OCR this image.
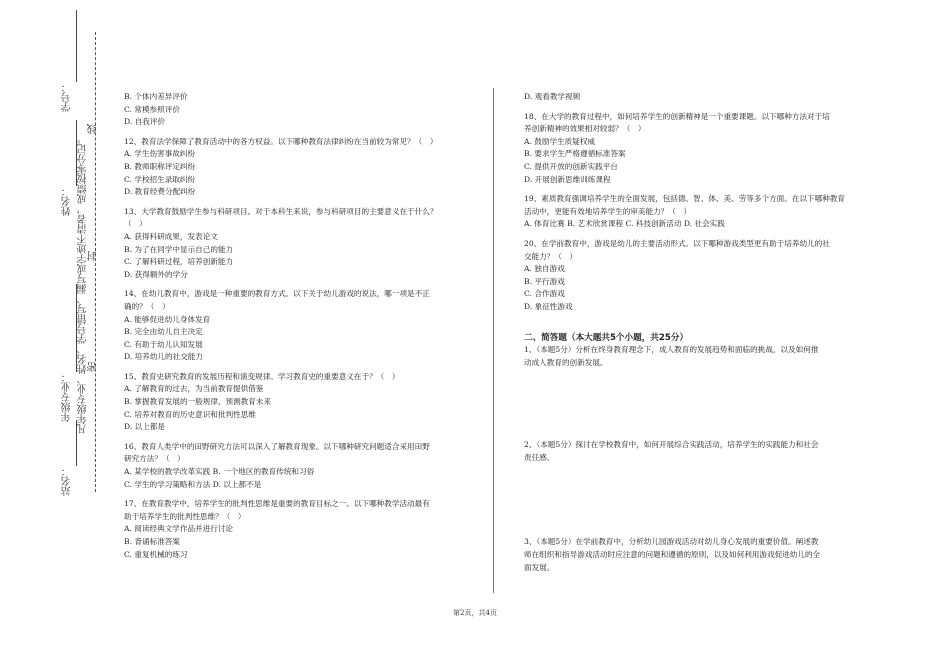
学号：
凡年级专业、姓名、学号错写、漏写或字迹不清者，成绩按零分记。
姓名：
年级专业：
站名：
密
封
线
B. 个体内差异评价
C. 常模参照评价
D. 自我评价
12、教育法学保障了教育活动中的各方权益。以下哪种教育法律纠纷在当前较为常见？（　）
A. 学生伤害事故纠纷
B. 教师职称评定纠纷
C. 学校招生录取纠纷
D. 教育经费分配纠纷
13、大学教育鼓励学生参与科研项目。对于本科生来说，参与科研项目的主要意义在于什么？
（　）
A. 获得科研成果，发表论文
B. 为了在同学中显示自己的能力
C. 了解科研过程，培养创新能力
D. 获得额外的学分
14、在幼儿教育中，游戏是一种重要的教育方式。以下关于幼儿游戏的说法，哪一项是不正
确的？（　）
A. 能够促进幼儿身体发育
B. 完全由幼儿自主决定
C. 有助于幼儿认知发展
D. 培养幼儿的社交能力
15、教育史研究教育的发展历程和演变规律。学习教育史的重要意义在于？（　）
A. 了解教育的过去，为当前教育提供借鉴
B. 掌握教育发展的一般规律，预测教育未来
C. 培养对教育的历史意识和批判性思维
D. 以上都是
16、教育人类学中的田野研究方法可以深入了解教育现象。以下哪种研究问题适合采用田野
研究方法？（　）
A. 某学校的教学改革实践 B. 一个地区的教育传统和习俗
C. 学生的学习策略和方法 D. 以上都不是
17、在教育教学中，培养学生的批判性思维是重要的教育目标之一。以下哪种教学活动最有
助于培养学生的批判性思维？（　）
A. 阅读经典文学作品并进行讨论
B. 背诵标准答案
C. 重复机械的练习
D. 观看教学视频
18、在大学的教育过程中，如何培养学生的创新精神是一个重要课题。以下哪种方法对于培
养创新精神的效果相对较弱？（　）
A. 鼓励学生质疑权威
B. 要求学生严格遵循标准答案
C. 提供开放的创新实践平台
D. 开展创新思维训练课程
19、素质教育强调培养学生的全面发展，包括德、智、体、美、劳等多个方面。在以下哪种教育
活动中，更能有效地培养学生的审美能力？（　）
A. 体育比赛 B. 艺术欣赏课程 C. 科技创新活动 D. 社会实践
20、在学前教育中，游戏是幼儿的主要活动形式。以下哪种游戏类型更有助于培养幼儿的社
交能力？（　）
A. 独自游戏
B. 平行游戏
C. 合作游戏
D. 象征性游戏
二、简答题（本大题共5个小题，共25分）
1、（本题5分）分析在终身教育理念下，成人教育的发展趋势和面临的挑战，以及如何推
动成人教育的创新发展。
2、（本题5分）探讨在学校教育中，如何开展综合实践活动，培养学生的实践能力和社会
责任感。
3、（本题5分）在学前教育中，分析幼儿园游戏活动对幼儿身心发展的重要价值。阐述教
师在组织和指导游戏活动时应注意的问题和遵循的原则，以及如何利用游戏促进幼儿的全
面发展。
第2页，共4页
